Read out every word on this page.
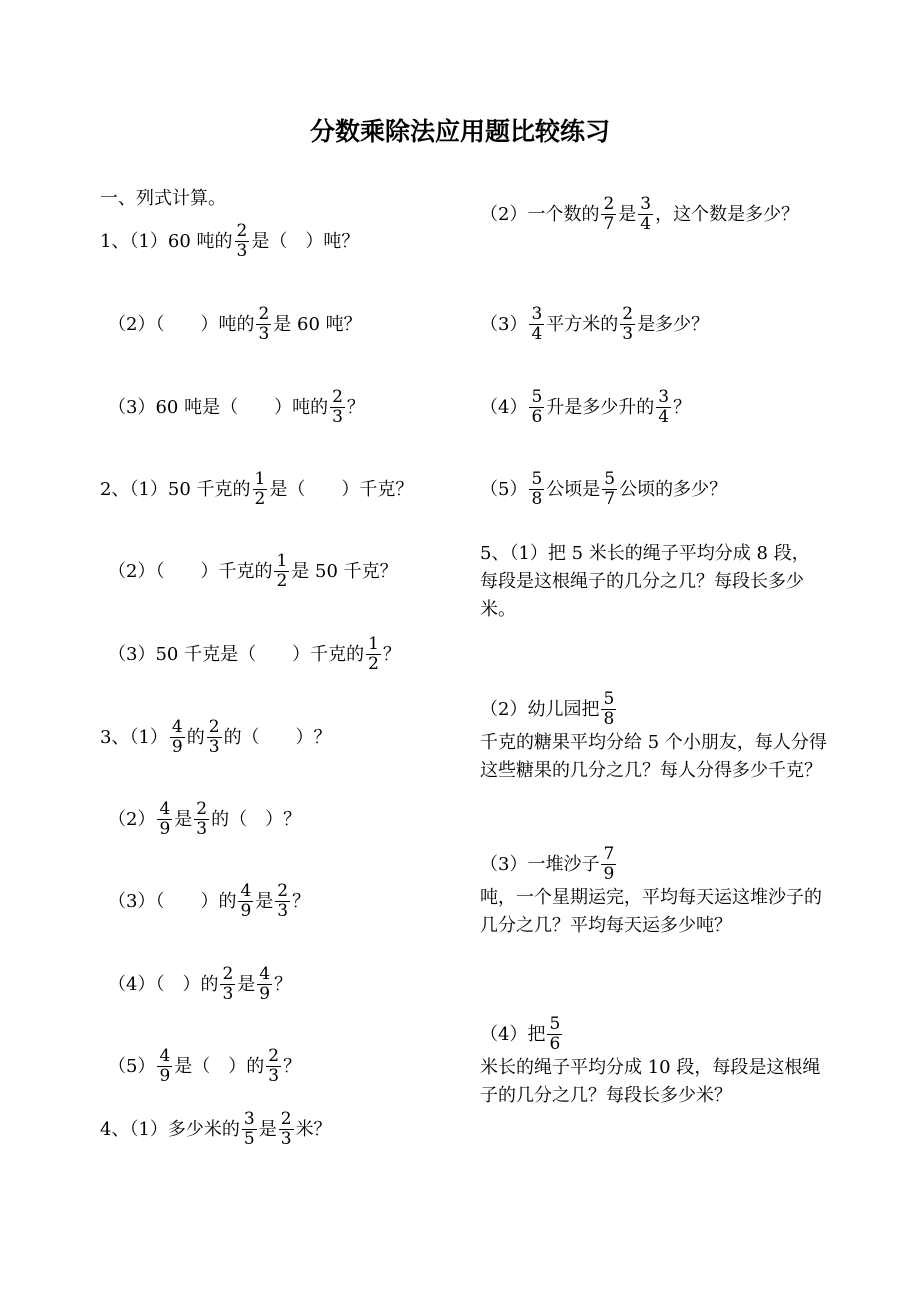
分数乘除法应用题比较练习
一、列式计算。
1、（1）60 吨的 $\frac{2}{3}$ 是（　）吨？
（2）（　　）吨的 $\frac{2}{3}$ 是 60 吨？
（3）60 吨是（　　）吨的 $\frac{2}{3}$ ？
2、（1）50 千克的 $\frac{1}{2}$ 是（　　）千克？
（2）（　　）千克的 $\frac{1}{2}$ 是 50 千克？
（3）50 千克是（　　）千克的 $\frac{1}{2}$ ？
3、$(1) \frac{4}{9}$ 的 $\frac{2}{3}$ 的（　　）？
$(2) \frac{4}{9}$ 是 $\frac{2}{3}$ 的（　）？
（3）（　　）的 $\frac{4}{9}$ 是 $\frac{2}{3}$ ？
（4）（　）的 $\frac{2}{3}$ 是 $\frac{4}{9}$ ？
$(5) \frac{4}{9}$ 是（　）的 $\frac{2}{3}$ ？
4、（1）多少米的 $\frac{3}{5}$ 是 $\frac{2}{3}$ 米？
（2）一个数的 $\frac{2}{7}$ 是 $\frac{3}{4}$ ，这个数是多少？
$(3) \frac{3}{4}$ 平方米的 $\frac{2}{3}$ 是多少？
$(4) \frac{5}{6}$ 升是多少升的 $\frac{3}{4}$ ？
$(5) \frac{5}{8}$ 公顷是 $\frac{5}{7}$ 公顷的多少？
5、（1）把 5 米长的绳子平均分成 8 段，每段是这根绳子的几分之几？每段长多少米。
（2）幼儿园把 $\frac{5}{8}$
千克的糖果平均分给 5 个小朋友，每人分得这些糖果的几分之几？每人分得多少千克？
（3）一堆沙子 $\frac{7}{9}$
吨，一个星期运完，平均每天运这堆沙子的几分之几？平均每天运多少吨？
（4）把 $\frac{5}{6}$
米长的绳子平均分成 10 段，每段是这根绳子的几分之几？每段长多少米？
